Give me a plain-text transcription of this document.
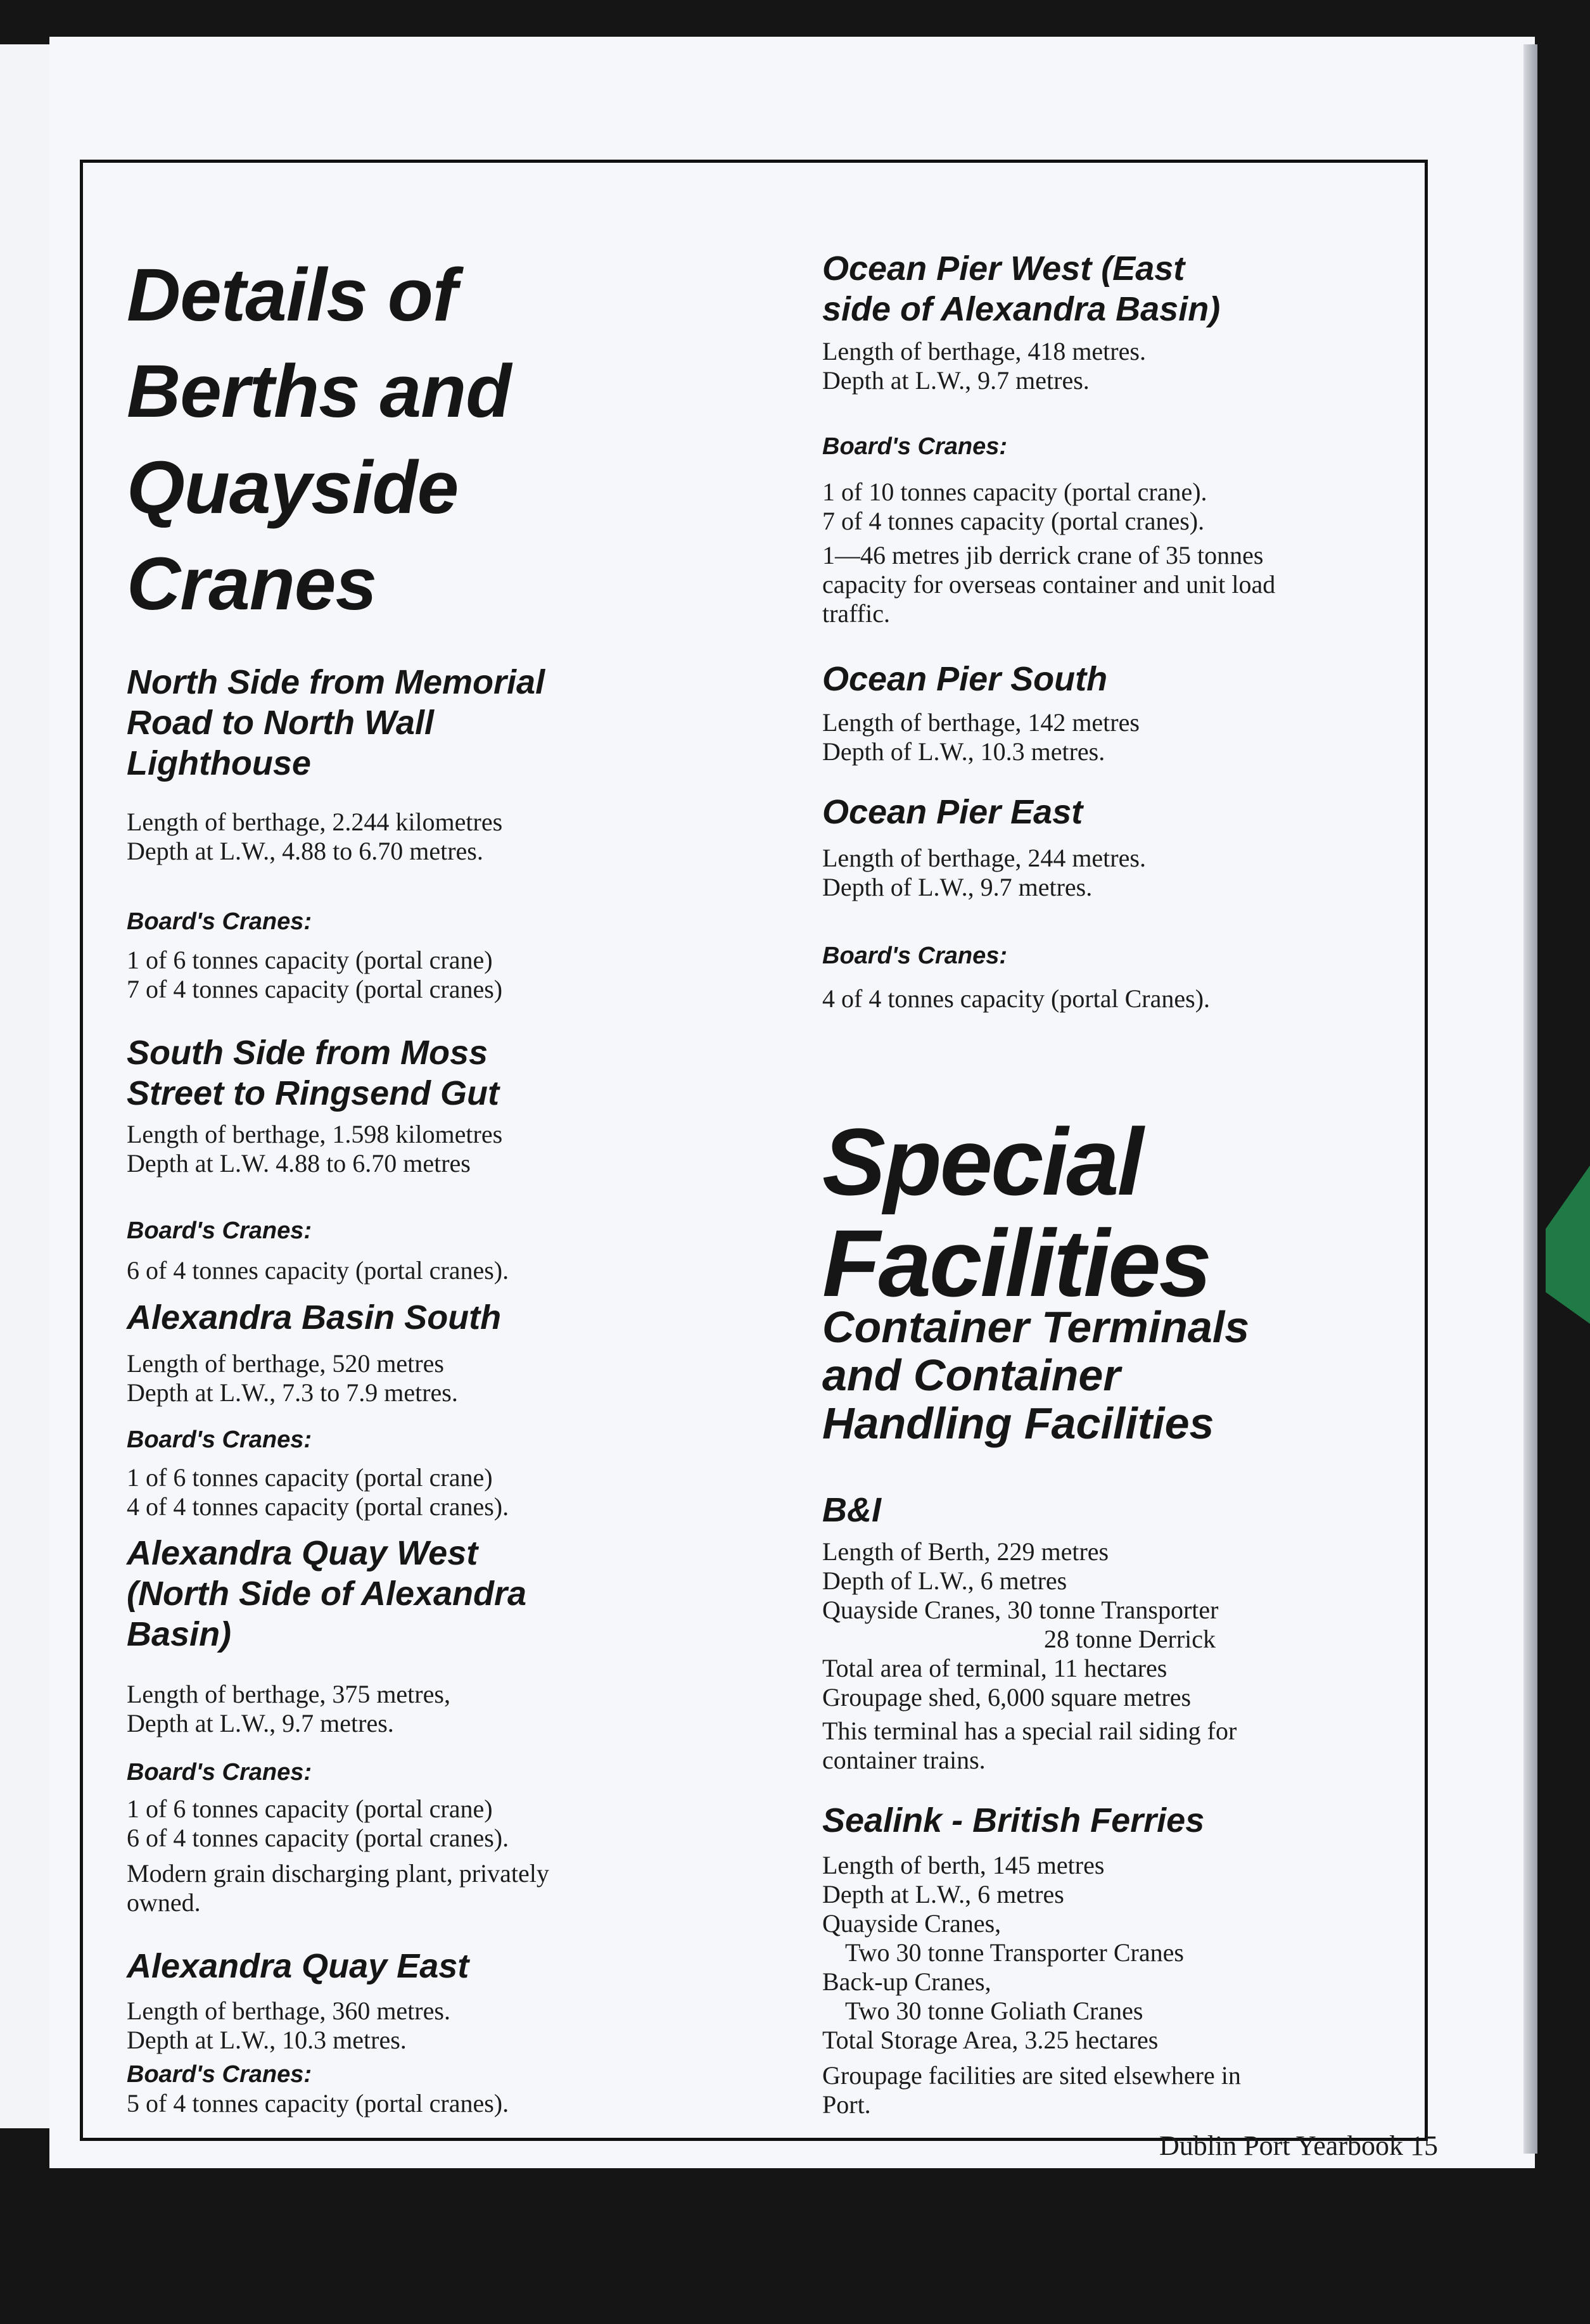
Details of
Berths and
Quayside
Cranes
North Side from Memorial
Road to North Wall
Lighthouse
Length of berthage, 2.244 kilometres
Depth at L.W., 4.88 to 6.70 metres.
Board's Cranes:
1 of 6 tonnes capacity (portal crane)
7 of 4 tonnes capacity (portal cranes)
South Side from Moss
Street to Ringsend Gut
Length of berthage, 1.598 kilometres
Depth at L.W. 4.88 to 6.70 metres
Board's Cranes:
6 of 4 tonnes capacity (portal cranes).
Alexandra Basin South
Length of berthage, 520 metres
Depth at L.W., 7.3 to 7.9 metres.
Board's Cranes:
1 of 6 tonnes capacity (portal crane)
4 of 4 tonnes capacity (portal cranes).
Alexandra Quay West
(North Side of Alexandra
Basin)
Length of berthage, 375 metres,
Depth at L.W., 9.7 metres.
Board's Cranes:
1 of 6 tonnes capacity (portal crane)
6 of 4 tonnes capacity (portal cranes).
Modern grain discharging plant, privately
owned.
Alexandra Quay East
Length of berthage, 360 metres.
Depth at L.W., 10.3 metres.
Board's Cranes:
5 of 4 tonnes capacity (portal cranes).
Ocean Pier West (East
side of Alexandra Basin)
Length of berthage, 418 metres.
Depth at L.W., 9.7 metres.
Board's Cranes:
1 of 10 tonnes capacity (portal crane).
7 of 4 tonnes capacity (portal cranes).
1—46 metres jib derrick crane of 35 tonnes
capacity for overseas container and unit load
traffic.
Ocean Pier South
Length of berthage, 142 metres
Depth of L.W., 10.3 metres.
Ocean Pier East
Length of berthage, 244 metres.
Depth of L.W., 9.7 metres.
Board's Cranes:
4 of 4 tonnes capacity (portal Cranes).
Special
Facilities
Container Terminals
and Container
Handling Facilities
B&I
Length of Berth, 229 metres
Depth of L.W., 6 metres
Quayside Cranes, 30 tonne Transporter
28 tonne Derrick
Total area of terminal, 11 hectares
Groupage shed, 6,000 square metres
This terminal has a special rail siding for
container trains.
Sealink - British Ferries
Length of berth, 145 metres
Depth at L.W., 6 metres
Quayside Cranes,
Two 30 tonne Transporter Cranes
Back-up Cranes,
Two 30 tonne Goliath Cranes
Total Storage Area, 3.25 hectares
Groupage facilities are sited elsewhere in
Port.
Dublin Port Yearbook 15
